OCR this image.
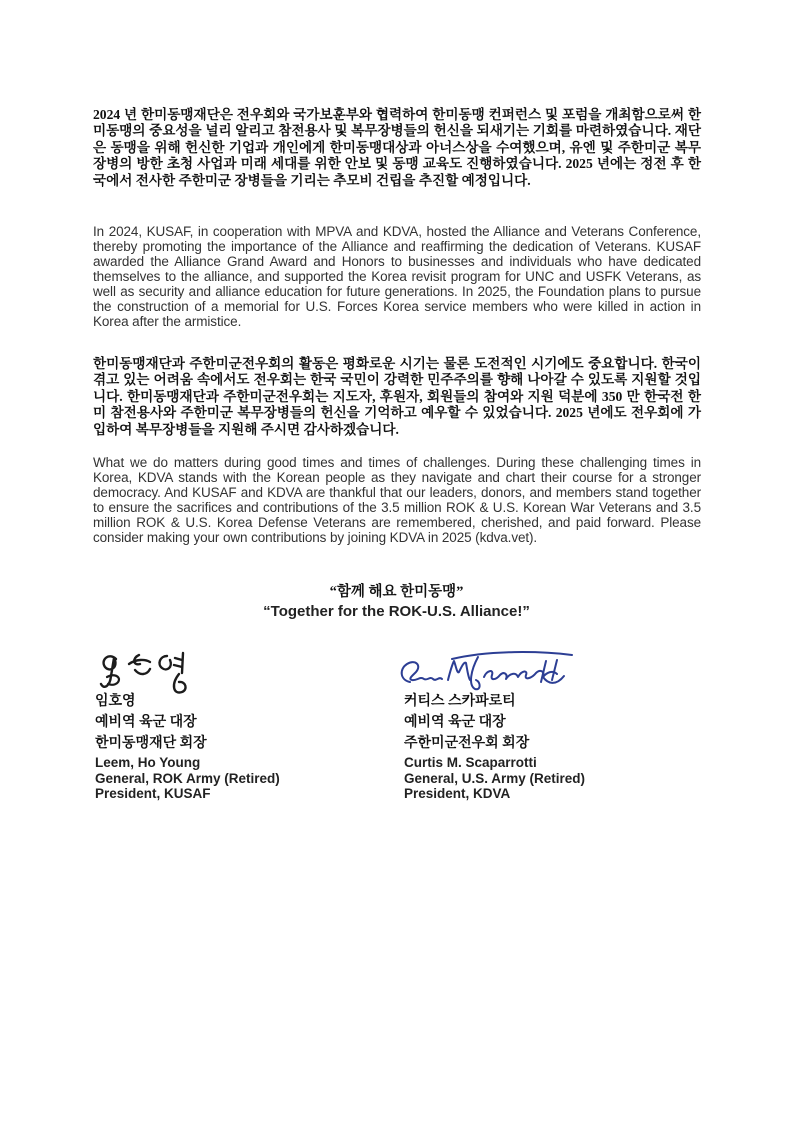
2024 년 한미동맹재단은 전우회와 국가보훈부와 협력하여 한미동맹 컨퍼런스 및 포럼을 개최함으로써 한미동맹의 중요성을 널리 알리고 참전용사 및 복무장병들의 헌신을 되새기는 기회를 마련하였습니다. 재단은 동맹을 위해 헌신한 기업과 개인에게 한미동맹대상과 아너스상을 수여했으며, 유엔 및 주한미군 복무장병의 방한 초청 사업과 미래 세대를 위한 안보 및 동맹 교육도 진행하였습니다. 2025 년에는 정전 후 한국에서 전사한 주한미군 장병들을 기리는 추모비 건립을 추진할 예정입니다.

In 2024, KUSAF, in cooperation with MPVA and KDVA, hosted the Alliance and Veterans Conference, thereby promoting the importance of the Alliance and reaffirming the dedication of Veterans. KUSAF awarded the Alliance Grand Award and Honors to businesses and individuals who have dedicated themselves to the alliance, and supported the Korea revisit program for UNC and USFK Veterans, as well as security and alliance education for future generations. In 2025, the Foundation plans to pursue the construction of a memorial for U.S. Forces Korea service members who were killed in action in Korea after the armistice.

한미동맹재단과 주한미군전우회의 활동은 평화로운 시기는 물론 도전적인 시기에도 중요합니다. 한국이 겪고 있는 어려움 속에서도 전우회는 한국 국민이 강력한 민주주의를 향해 나아갈 수 있도록 지원할 것입니다. 한미동맹재단과 주한미군전우회는 지도자, 후원자, 회원들의 참여와 지원 덕분에 350 만 한국전 한미 참전용사와 주한미군 복무장병들의 헌신을 기억하고 예우할 수 있었습니다. 2025 년에도 전우회에 가입하여 복무장병들을 지원해 주시면 감사하겠습니다.

What we do matters during good times and times of challenges. During these challenging times in Korea, KDVA stands with the Korean people as they navigate and chart their course for a stronger democracy. And KUSAF and KDVA are thankful that our leaders, donors, and members stand together to ensure the sacrifices and contributions of the 3.5 million ROK & U.S. Korean War Veterans and 3.5 million ROK & U.S. Korea Defense Veterans are remembered, cherished, and paid forward. Please consider making your own contributions by joining KDVA in 2025 (kdva.vet).

“함께 해요 한미동맹”
“Together for the ROK-U.S. Alliance!”
임호영
예비역 육군 대장
한미동맹재단 회장
Leem, Ho Young
General, ROK Army (Retired)
President, KUSAF
커티스 스카파로티
예비역 육군 대장
주한미군전우회 회장
Curtis M. Scaparrotti
General, U.S. Army (Retired)
President, KDVA
